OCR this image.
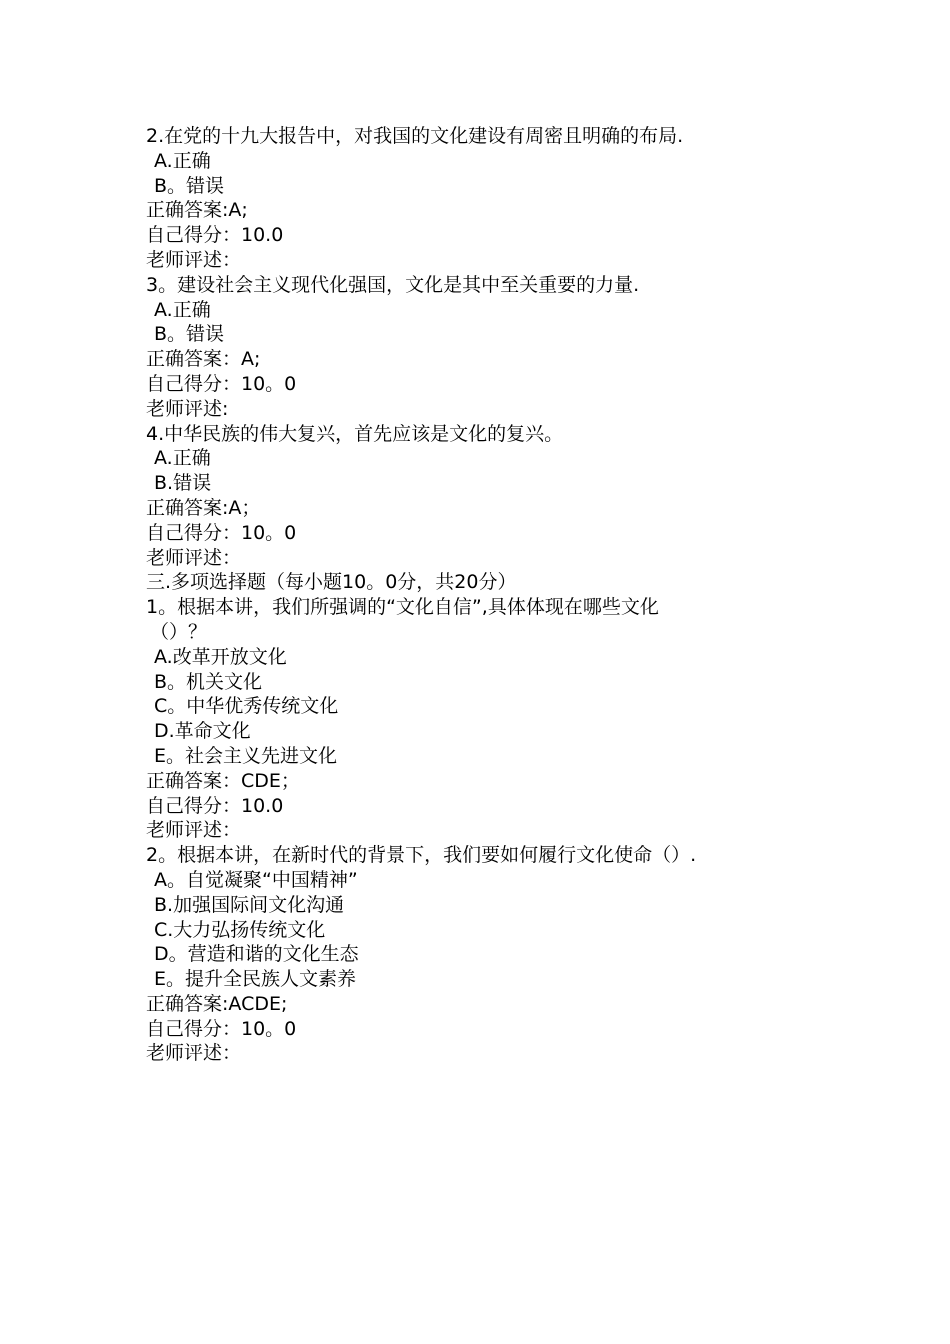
2.在党的十九大报告中，对我国的文化建设有周密且明确的布局.
A.正确
B。错误
正确答案:A;
自己得分：10.0
老师评述：
3。建设社会主义现代化强国，文化是其中至关重要的力量.
A.正确
B。错误
正确答案：A;
自己得分：10。0
老师评述:
4.中华民族的伟大复兴，首先应该是文化的复兴。
A.正确
B.错误
正确答案:A；
自己得分：10。0
老师评述：
三.多项选择题（每小题10。0分，共20分）
1。根据本讲，我们所强调的“文化自信”,具体体现在哪些文化
（）？
A.改革开放文化
B。机关文化
C。中华优秀传统文化
D.革命文化
E。社会主义先进文化
正确答案：CDE；
自己得分：10.0
老师评述：
2。根据本讲，在新时代的背景下，我们要如何履行文化使命（）.
A。自觉凝聚“中国精神”
B.加强国际间文化沟通
C.大力弘扬传统文化
D。营造和谐的文化生态
E。提升全民族人文素养
正确答案:ACDE;
自己得分：10。0
老师评述：
